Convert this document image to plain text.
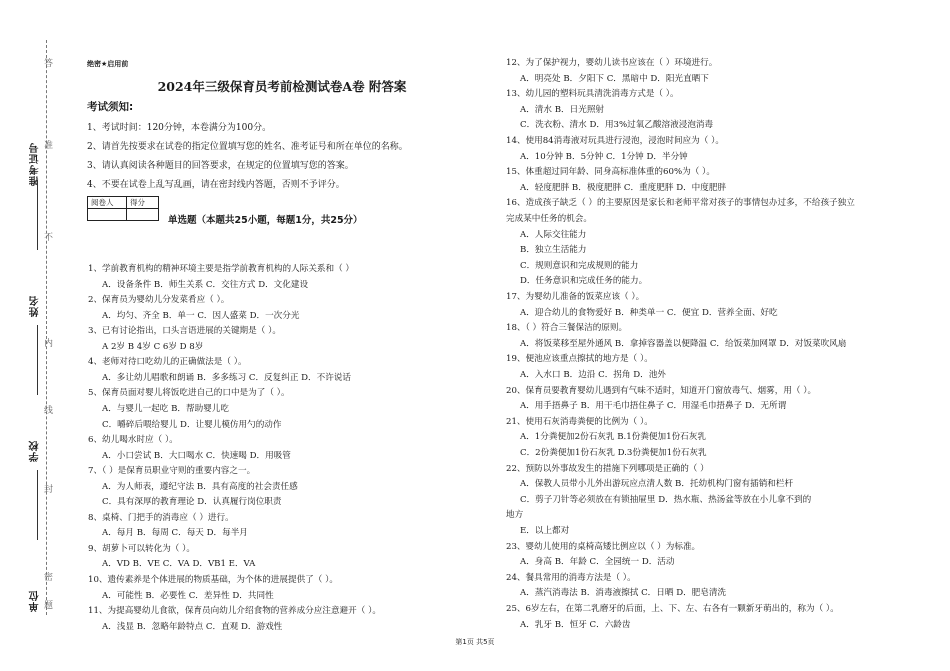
准考证号
姓名
学校
单位
答
准
不
内
线
封
密
题
绝密★启用前
2024年三级保育员考前检测试卷A卷 附答案
考试须知:
1、考试时间：120分钟，本卷满分为100分。
2、请首先按要求在试卷的指定位置填写您的姓名、准考证号和所在单位的名称。
3、请认真阅读各种题目的回答要求，在规定的位置填写您的答案。
4、不要在试卷上乱写乱画，请在密封线内答题，否则不予评分。
阅卷人	得分

单选题（本题共25小题，每题1分，共25分）
1、学前教育机构的精神环境主要是指学前教育机构的人际关系和（ ）
A．设备条件 B．师生关系 C．交往方式 D．文化建设
2、保育员为婴幼儿分发菜肴应（ ）。
A．均匀、齐全 B．单一 C．因人盛菜 D．一次分光
3、已有讨论指出，口头言语进展的关键期是（ ）。
A 2岁 B 4岁 C 6岁 D 8岁
4、老师对待口吃幼儿的正确做法是（ ）。
A．多让幼儿唱歌和朗诵 B．多多练习 C．反复纠正 D．不许说话
5、保育员面对婴儿将饭吃进自己的口中是为了（ ）。
A．与婴儿一起吃 B．帮助婴儿吃
C．嚼碎后喂给婴儿 D．让婴儿模仿用勺的动作
6、幼儿喝水时应（ ）。
A．小口尝试 B．大口喝水 C．快速喝 D．用吸管
7、（ ）是保育员职业守则的重要内容之一。
A．为人师表，遵纪守法 B．具有高度的社会责任感
C．具有深厚的教育理论 D．认真履行岗位职责
8、桌椅、门把手的消毒应（ ）进行。
A．每月 B．每周 C．每天 D．每半月
9、胡萝卜可以转化为（ ）。
A．VD B．VE C．VA D．VB1 E．VA
10、遗传素养是个体进展的物质基础，为个体的进展提供了（ ）。
A．可能性 B．必要性 C．差异性 D．共同性
11、为提高婴幼儿食欲，保育员向幼儿介绍食物的营养成分应注意避开（ ）。
A．浅显 B．忽略年龄特点 C．直观 D．游戏性
12、为了保护视力，婴幼儿读书应该在（ ）环境进行。
A．明亮处 B．夕阳下 C．黑暗中 D．阳光直晒下
13、幼儿园的塑料玩具清洗消毒方式是（ ）。
A．清水 B．日光照射
C．洗衣粉、清水 D．用3%过氧乙酸溶液浸泡消毒
14、使用84消毒液对玩具进行浸泡，浸泡时间应为（ ）。
A．10分钟 B．5分钟 C．1分钟 D．半分钟
15、体重超过同年龄、同身高标准体重的60%为（ ）。
A．轻度肥胖 B．极度肥胖 C．重度肥胖 D．中度肥胖
16、造成孩子缺乏（ ）的主要原因是家长和老师平常对孩子的事情包办过多，不给孩子独立
完成某中任务的机会。
A．人际交往能力
B．独立生活能力
C．规则意识和完成规则的能力
D．任务意识和完成任务的能力。
17、为婴幼儿准备的饭菜应该（ ）。
A．迎合幼儿的食物爱好 B．种类单一 C．便宜 D．营养全面、好吃
18、（ ）符合三餐保洁的原则。
A．将饭菜移至屋外通风 B．拿掉容器盖以便降温 C．给饭菜加网罩 D．对饭菜吹风扇
19、便池应该重点擦拭的地方是（ ）。
A．入水口 B．边沿 C．拐角 D．池外
20、保育员要教育婴幼儿遇到有气味不适时，知道开门窗放毒气、烟雾，用（ ）。
A．用手捂鼻子 B．用干毛巾捂住鼻子 C．用湿毛巾捂鼻子 D．无所谓
21、使用石灰消毒粪便的比例为（ ）。
A．1分粪便加2份石灰乳 B.1份粪便加1份石灰乳
C．2份粪便加1份石灰乳 D.3份粪便加1份石灰乳
22、预防以外事故发生的措施下列哪项是正确的（ ）
A．保教人员带小儿外出游玩应点清人数 B．托幼机构门窗有插销和栏杆
C．剪子刀针等必须放在有锁抽屉里 D．热水瓶、热汤盆等放在小儿拿不到的
地方
E．以上都对
23、婴幼儿使用的桌椅高矮比例应以（ ）为标准。
A．身高 B．年龄 C．全园统一 D．活动
24、餐具常用的消毒方法是（ ）。
A．蒸汽消毒法 B．消毒液擦拭 C．日晒 D．肥皂清洗
25、6岁左右，在第二乳磨牙的后面，上、下、左、右各有一颗新牙萌出的，称为（ ）。
A．乳牙 B．恒牙 C．六龄齿
第1页 共5页
